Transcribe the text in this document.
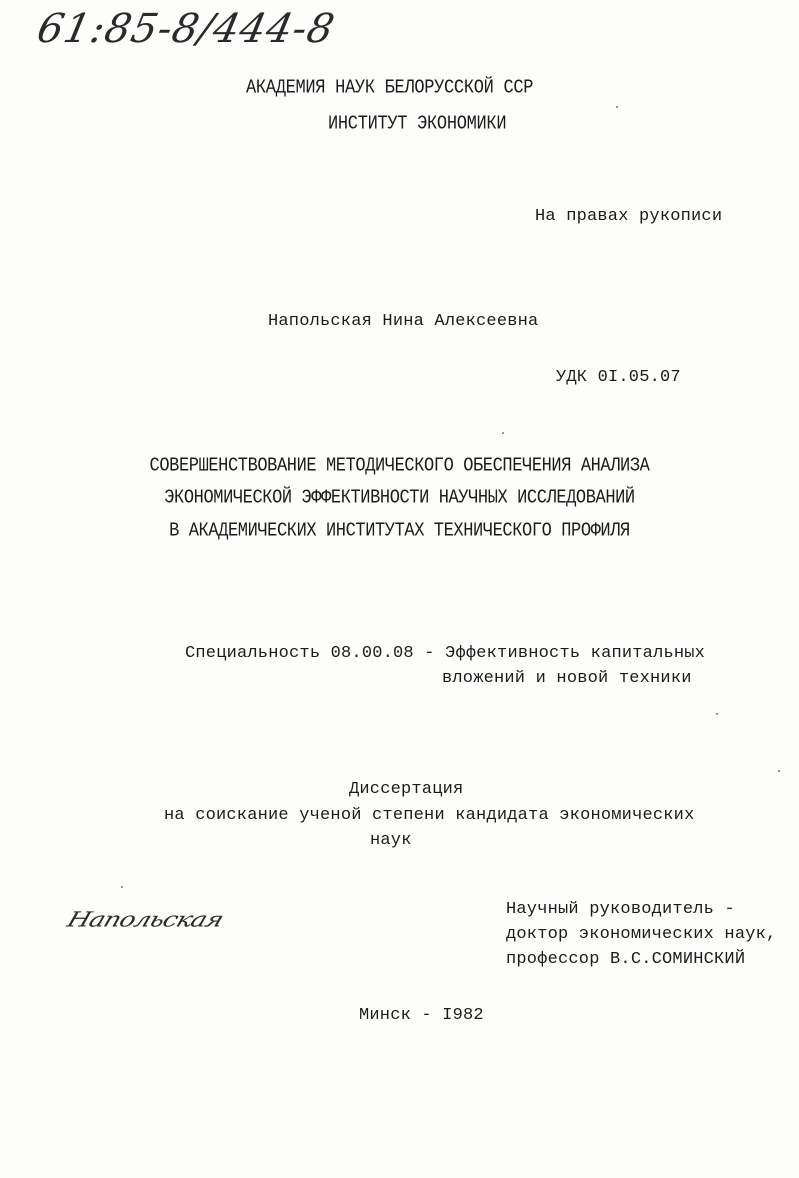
61:85-8/444-8
АКАДЕМИЯ НАУК БЕЛОРУССКОЙ ССР
ИНСТИТУТ ЭКОНОМИКИ
На правах рукописи
Напольская Нина Алексеевна
УДК 0I.05.07
СОВЕРШЕНСТВОВАНИЕ МЕТОДИЧЕСКОГО ОБЕСПЕЧЕНИЯ АНАЛИЗА
ЭКОНОМИЧЕСКОЙ ЭФФЕКТИВНОСТИ НАУЧНЫХ ИССЛЕДОВАНИЙ
В АКАДЕМИЧЕСКИХ ИНСТИТУТАХ ТЕХНИЧЕСКОГО ПРОФИЛЯ
Специальность 08.00.08 - Эффективность капитальных
вложений и новой техники
Диссертация
на соискание ученой степени кандидата экономических
наук
Напольская	Научный руководитель -
доктор экономических наук,
профессор В.С.СОМИНСКИЙ
Минск - I982
